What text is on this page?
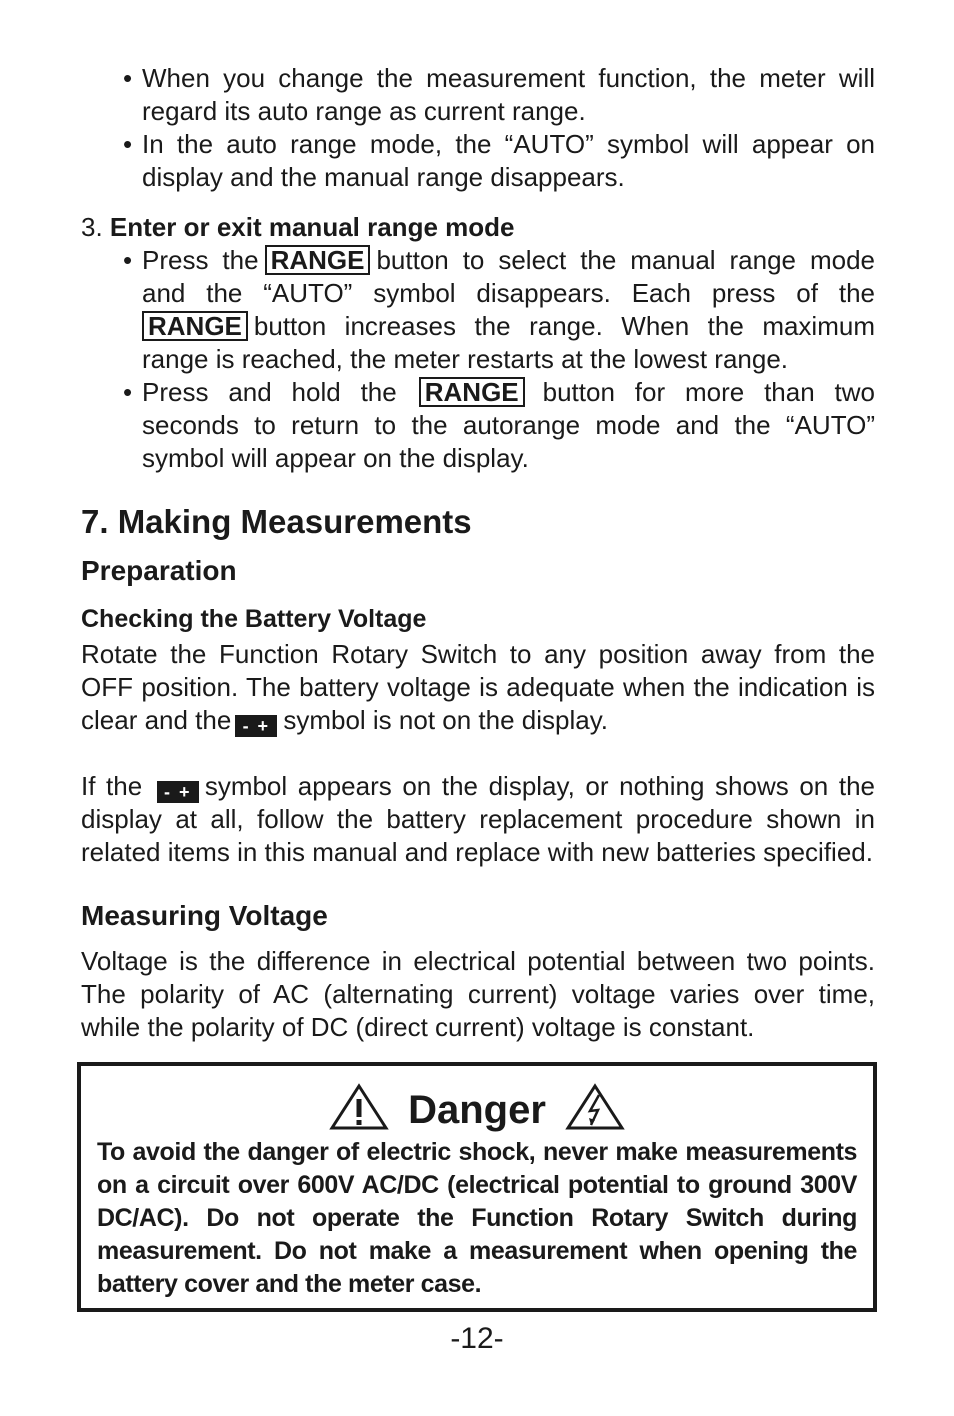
• When you change the measurement function, the meter will regard its auto range as current range.

• In the auto range mode, the “AUTO” symbol will appear on display and the manual range disappears.

3. Enter or exit manual range mode

• Press the RANGE button to select the manual range mode and the “AUTO” symbol disappears. Each press of the RANGE button increases the range. When the maximum range is reached, the meter restarts at the lowest range.

• Press and hold the RANGE button for more than two seconds to return to the autorange mode and the “AUTO” symbol will appear on the display.

7. Making Measurements
Preparation
Checking the Battery Voltage

Rotate the Function Rotary Switch to any position away from the OFF position. The battery voltage is adequate when the indication is clear and the - + symbol is not on the display.

If the - + symbol appears on the display, or nothing shows on the display at all, follow the battery replacement procedure shown in related items in this manual and replace with new batteries specified.

Measuring Voltage

Voltage is the difference in electrical potential between two points. The polarity of AC (alternating current) voltage varies over time, while the polarity of DC (direct current) voltage is constant.

Danger
To avoid the danger of electric shock, never make measurements on a circuit over 600V AC/DC (electrical potential to ground 300V DC/AC). Do not operate the Function Rotary Switch during measurement. Do not make a measurement when opening the battery cover and the meter case.
-12-
